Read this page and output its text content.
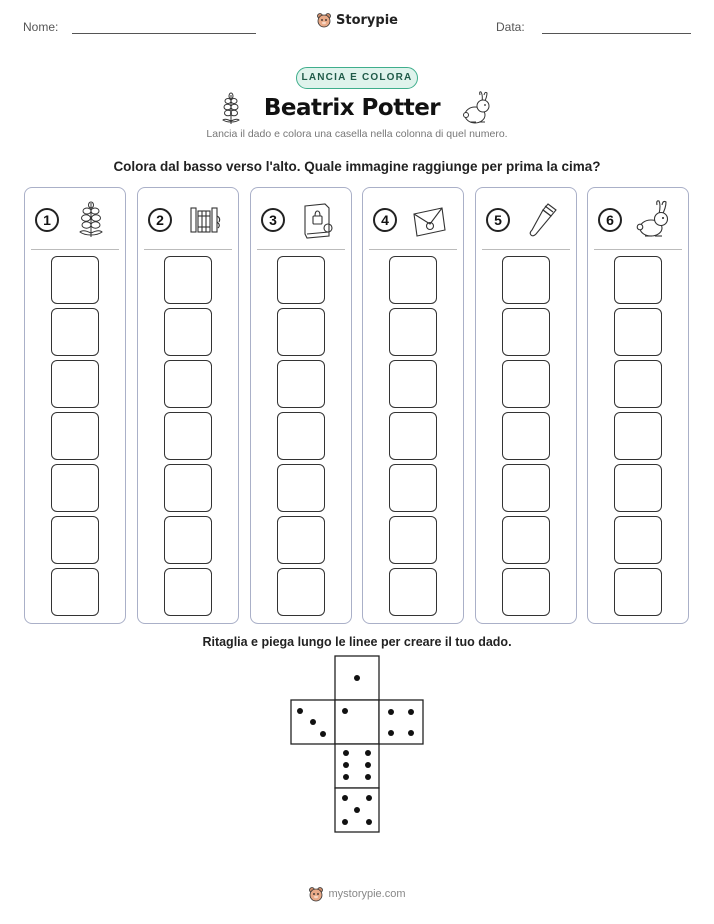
Nome:	Storypie	Data:
LANCIA E COLORA
Beatrix Potter
Lancia il dado e colora una casella nella colonna di quel numero.
Colora dal basso verso l'alto. Quale immagine raggiunge per prima la cima?
1	2	3	4	5	6
Ritaglia e piega lungo le linee per creare il tuo dado.
mystorypie.com
